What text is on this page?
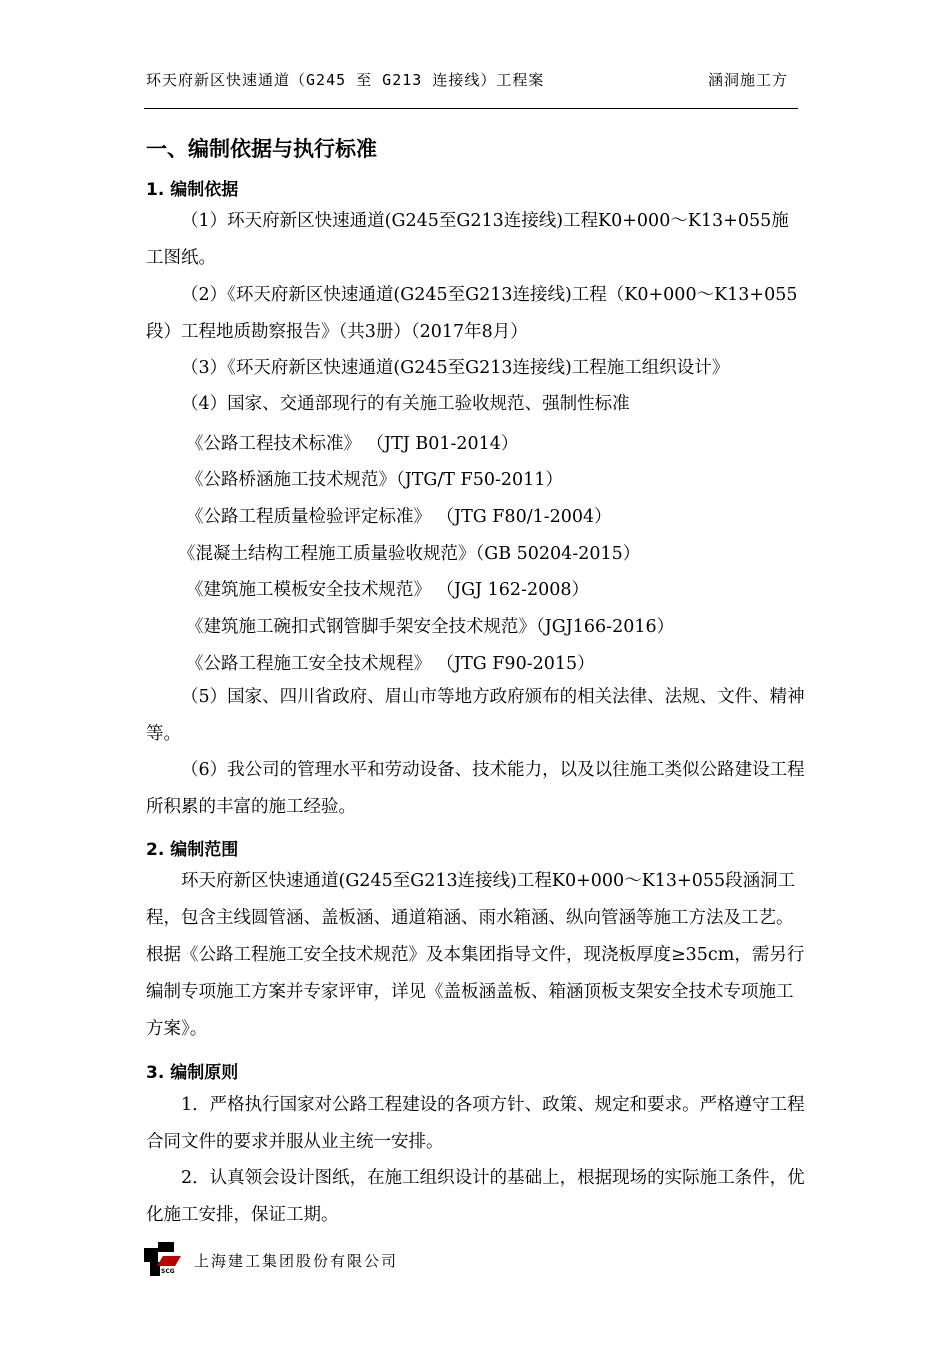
环天府新区快速通道（G245 至 G213 连接线）工程案	涵洞施工方
一、编制依据与执行标准
1. 编制依据
（1）环天府新区快速通道(G245至G213连接线)工程K0+000～K13+055施工图纸。
（2）《环天府新区快速通道(G245至G213连接线)工程（K0+000～K13+055段）工程地质勘察报告》（共3册）（2017年8月）
（3）《环天府新区快速通道(G245至G213连接线)工程施工组织设计》
（4）国家、交通部现行的有关施工验收规范、强制性标准
《公路工程技术标准》 （JTJ B01-2014）
《公路桥涵施工技术规范》（JTG/T F50-2011）
《公路工程质量检验评定标准》 （JTG F80/1-2004）
《混凝土结构工程施工质量验收规范》（GB 50204-2015）
《建筑施工模板安全技术规范》 （JGJ 162-2008）
《建筑施工碗扣式钢管脚手架安全技术规范》（JGJ166-2016）
《公路工程施工安全技术规程》 （JTG F90-2015）
（5）国家、四川省政府、眉山市等地方政府颁布的相关法律、法规、文件、精神等。
（6）我公司的管理水平和劳动设备、技术能力，以及以往施工类似公路建设工程所积累的丰富的施工经验。
2. 编制范围
环天府新区快速通道(G245至G213连接线)工程K0+000～K13+055段涵洞工程，包含主线圆管涵、盖板涵、通道箱涵、雨水箱涵、纵向管涵等施工方法及工艺。根据《公路工程施工安全技术规范》及本集团指导文件，现浇板厚度≥35cm，需另行编制专项施工方案并专家评审，详见《盖板涵盖板、箱涵顶板支架安全技术专项施工方案》。
3. 编制原则
1．严格执行国家对公路工程建设的各项方针、政策、规定和要求。严格遵守工程合同文件的要求并服从业主统一安排。
2．认真领会设计图纸，在施工组织设计的基础上，根据现场的实际施工条件，优化施工安排，保证工期。
SCG
上海建工集团股份有限公司
